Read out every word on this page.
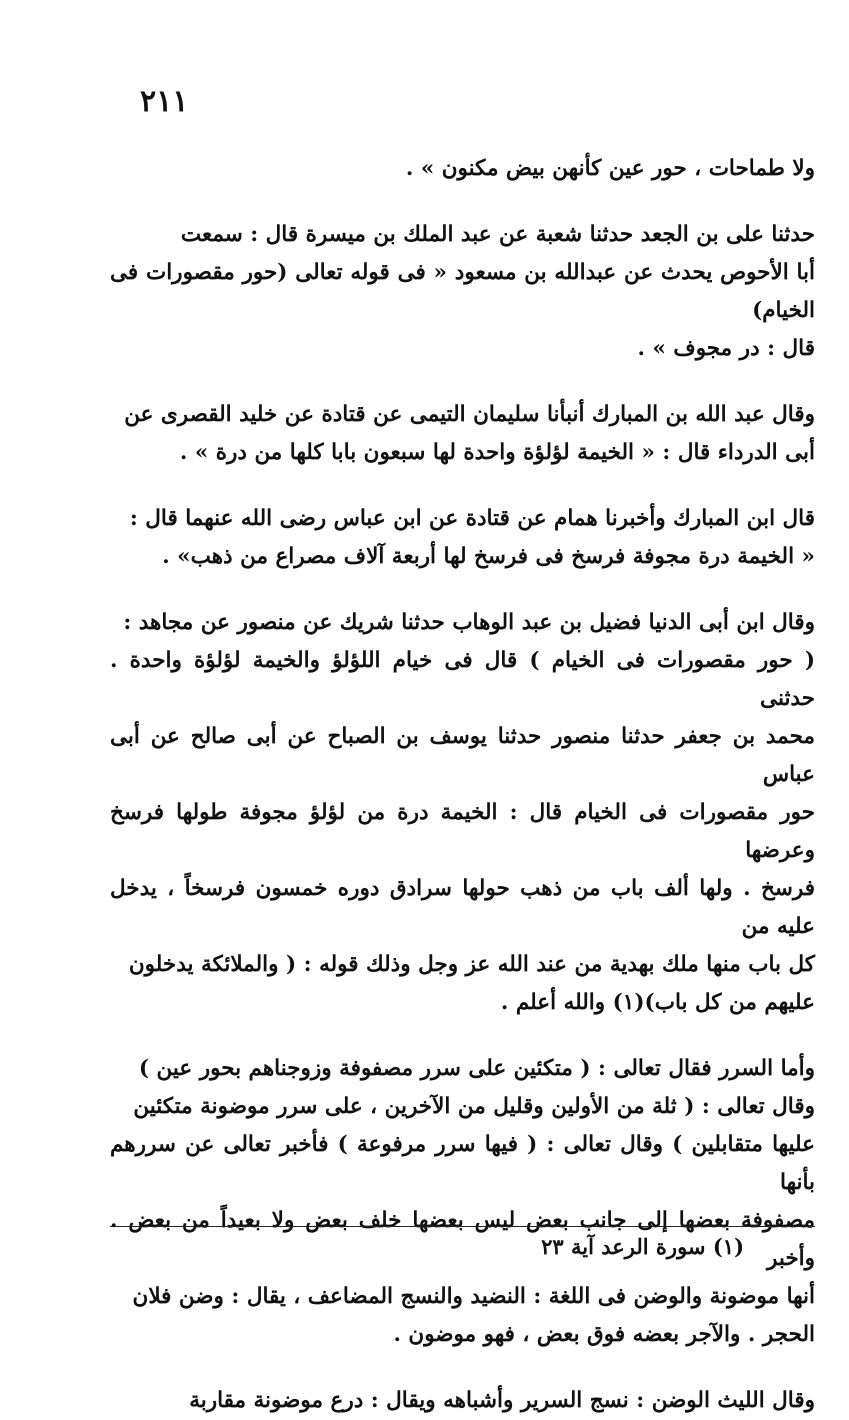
٢١١

ولا طماحات ، حور عين كأنهن بيض مكنون » .

حدثنا على بن الجعد حدثنا شعبة عن عبد الملك بن ميسرة قال : سمعت
أبا الأحوص يحدث عن عبدالله بن مسعود « فى قوله تعالى (حور مقصورات فى الخيام)
قال : در مجوف » .

وقال عبد الله بن المبارك أنبأنا سليمان التيمى عن قتادة عن خليد القصرى عن
أبى الدرداء قال : « الخيمة لؤلؤة واحدة لها سبعون بابا كلها من درة » .

قال ابن المبارك وأخبرنا همام عن قتادة عن ابن عباس رضى الله عنهما قال :
« الخيمة درة مجوفة فرسخ فى فرسخ لها أربعة آلاف مصراع من ذهب» .

وقال ابن أبى الدنيا فضيل بن عبد الوهاب حدثنا شريك عن منصور عن مجاهد :
( حور مقصورات فى الخيام ) قال فى خيام اللؤلؤ والخيمة لؤلؤة واحدة . حدثنى
محمد بن جعفر حدثنا منصور حدثنا يوسف بن الصباح عن أبى صالح عن أبى عباس
حور مقصورات فى الخيام قال : الخيمة درة من لؤلؤ مجوفة طولها فرسخ وعرضها
فرسخ . ولها ألف باب من ذهب حولها سرادق دوره خمسون فرسخاً ، يدخل عليه من
كل باب منها ملك بهدية من عند الله عز وجل وذلك قوله : ( والملائكة يدخلون
عليهم من كل باب)(١) والله أعلم .

وأما السرر فقال تعالى : ( متكئين على سرر مصفوفة وزوجناهم بحور عين )
وقال تعالى : ( ثلة من الأولين وقليل من الآخرين ، على سرر موضونة متكئين
عليها متقابلين ) وقال تعالى : ( فيها سرر مرفوعة ) فأخبر تعالى عن سررهم بأنها
مصفوفة بعضها إلى جانب بعض ليس بعضها خلف بعض ولا بعيداً من بعض . وأخبر
أنها موضونة والوضن فى اللغة : النضيد والنسج المضاعف ، يقال : وضن فلان
الحجر . والآجر بعضه فوق بعض ، فهو موضون .

وقال الليث الوضن : نسج السرير وأشباهه ويقال : درع موضونة مقاربة

(١) سورة الرعد آية ٢٣
